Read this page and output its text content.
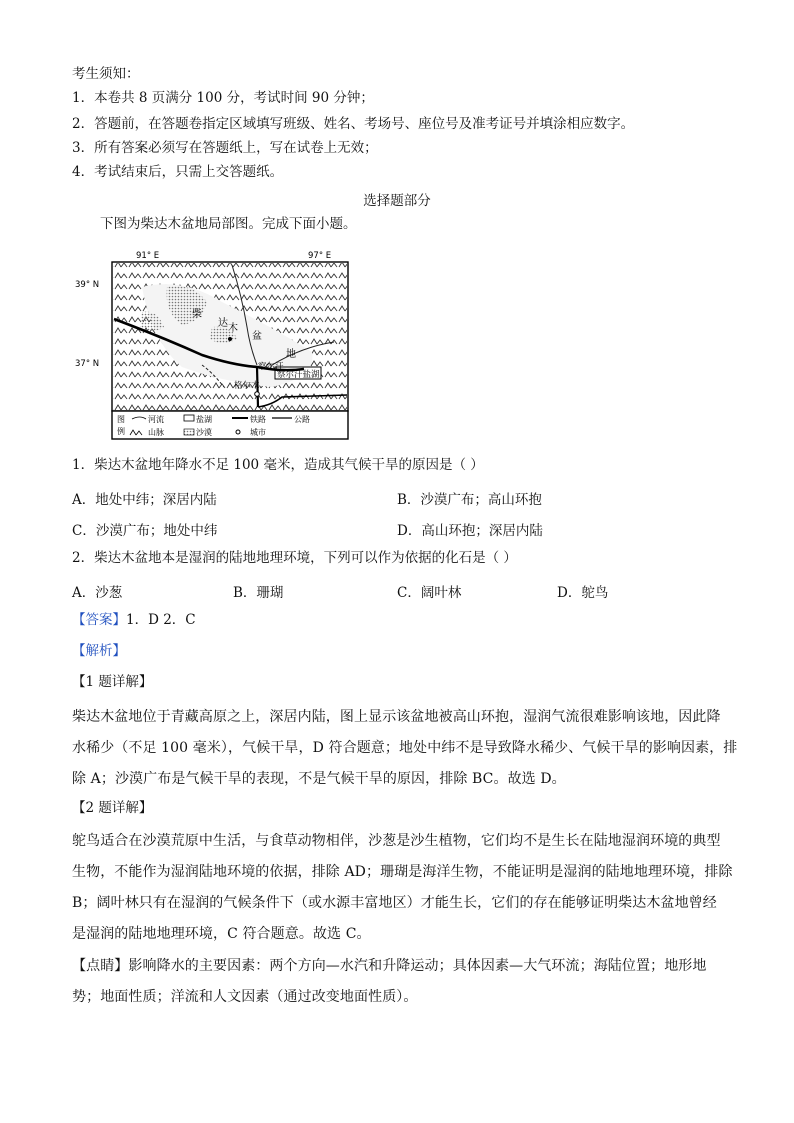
考生须知：
1．本卷共 8 页满分 100 分，考试时间 90 分钟；
2．答题前，在答题卷指定区域填写班级、姓名、考场号、座位号及准考证号并填涂相应数字。
3．所有答案必须写在答题纸上，写在试卷上无效；
4．考试结束后，只需上交答题纸。
选择题部分
下图为柴达木盆地局部图。完成下面小题。
91° E	97° E
39° N
37° N
柴
达 木
盆
地
察尔汗
察尔汗盐湖
格尔木
图
例
河流	盐湖	铁路	公路
山脉	沙漠	城市
1．柴达木盆地年降水不足 100 毫米，造成其气候干旱的原因是（ ）
A．地处中纬；深居内陆	B．沙漠广布；高山环抱
C．沙漠广布；地处中纬	D．高山环抱；深居内陆
2．柴达木盆地本是湿润的陆地地理环境，下列可以作为依据的化石是（ ）
A．沙葱	B．珊瑚	C．阔叶林	D．鸵鸟
【答案】1．D 2．C
【解析】
【1 题详解】
柴达木盆地位于青藏高原之上，深居内陆，图上显示该盆地被高山环抱，湿润气流很难影响该地，因此降
水稀少（不足 100 毫米），气候干旱，D 符合题意；地处中纬不是导致降水稀少、气候干旱的影响因素，排
除 A；沙漠广布是气候干旱的表现，不是气候干旱的原因，排除 BC。故选 D。
【2 题详解】
鸵鸟适合在沙漠荒原中生活，与食草动物相伴，沙葱是沙生植物，它们均不是生长在陆地湿润环境的典型
生物，不能作为湿润陆地环境的依据，排除 AD；珊瑚是海洋生物，不能证明是湿润的陆地地理环境，排除
B；阔叶林只有在湿润的气候条件下（或水源丰富地区）才能生长，它们的存在能够证明柴达木盆地曾经
是湿润的陆地地理环境，C 符合题意。故选 C。
【点睛】影响降水的主要因素：两个方向—水汽和升降运动；具体因素—大气环流；海陆位置；地形地
势；地面性质；洋流和人文因素（通过改变地面性质）。
